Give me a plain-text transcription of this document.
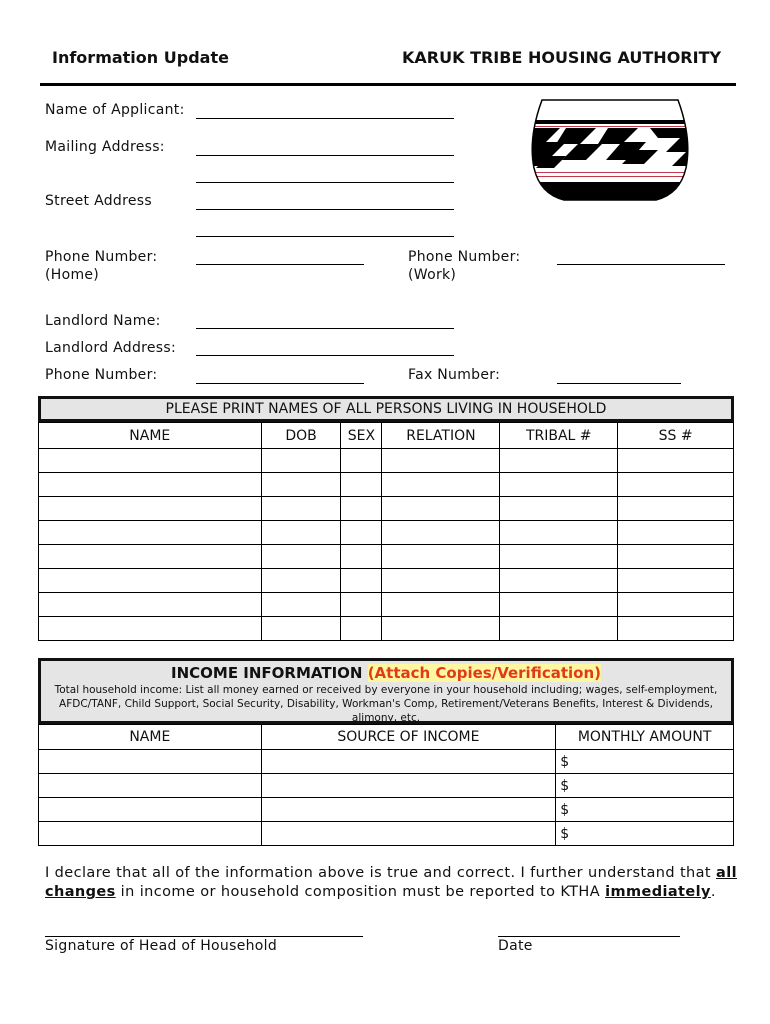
Information Update	KARUK TRIBE HOUSING AUTHORITY
Name of Applicant:
Mailing Address:
Street Address
Phone Number:
(Home)
Phone Number:
(Work)
Landlord Name:
Landlord Address:
Phone Number:	Fax Number:
PLEASE PRINT NAMES OF ALL PERSONS LIVING IN HOUSEHOLD
NAME	DOB	SEX	RELATION	TRIBAL #	SS #

INCOME INFORMATION (Attach Copies/Verification)
Total household income: List all money earned or received by everyone in your household including; wages, self-employment, AFDC/TANF, Child Support, Social Security, Disability, Workman's Comp, Retirement/Veterans Benefits, Interest & Dividends, alimony, etc.
NAME	SOURCE OF INCOME	MONTHLY AMOUNT
		$
		$
		$
		$
I declare that all of the information above is true and correct. I further understand that all changes in income or household composition must be reported to KTHA immediately.
Signature of Head of Household	Date
